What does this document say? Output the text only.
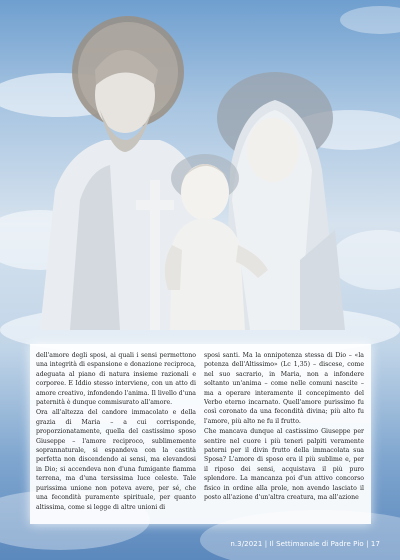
dell'amore degli sposi, ai quali i sensi permettono una integrità di espansione e donazione reciproca, adeguata al piano di natura insieme razionali e corporee. E Iddio stesso interviene, con un atto di amore creativo, infondendo l'anima. Il livello d'una paternità è dunque commisurato all'amore.

Ora all'altezza del candore immacolato e della grazia di Maria – a cui corrisponde, proporzionatamente, quella del castissimo sposo Giuseppe – l'amore reciproco, sublimemente soprannaturale, si espandeva con la castità perfetta non discendendo ai sensi, ma elevandosi in Dio; si accendeva non d'una fumigante fiamma terrena, ma d'una tersissima luce celeste. Tale purissima unione non poteva avere, per sé, che una fecondità puramente spirituale, per quanto altissima, come si legge di altre unioni di

sposi santi. Ma la onnipotenza stessa di Dio – «la potenza dell'Altissimo» (Lc 1,35) – discese, come nel suo sacrario, in Maria, non a infondere soltanto un'anima – come nelle comuni nascite – ma a operare interamente il concepimento del Verbo eterno incarnato. Quell'amore purissimo fu così coronato da una fecondità divina; più alto fu l'amore, più alto ne fu il frutto.

Che mancava dunque al castissimo Giuseppe per sentire nel cuore i più teneri palpiti veramente paterni per il divin frutto della immacolata sua Sposa? L'amore di sposo era il più sublime e, per il riposo dei sensi, acquistava il più puro splendore. La mancanza poi d'un attivo concorso fisico in ordine alla prole, non avendo lasciato il posto all'azione d'un'altra creatura, ma all'azione

n.3/2021 | Il Settimanale di Padre Pio | 17
